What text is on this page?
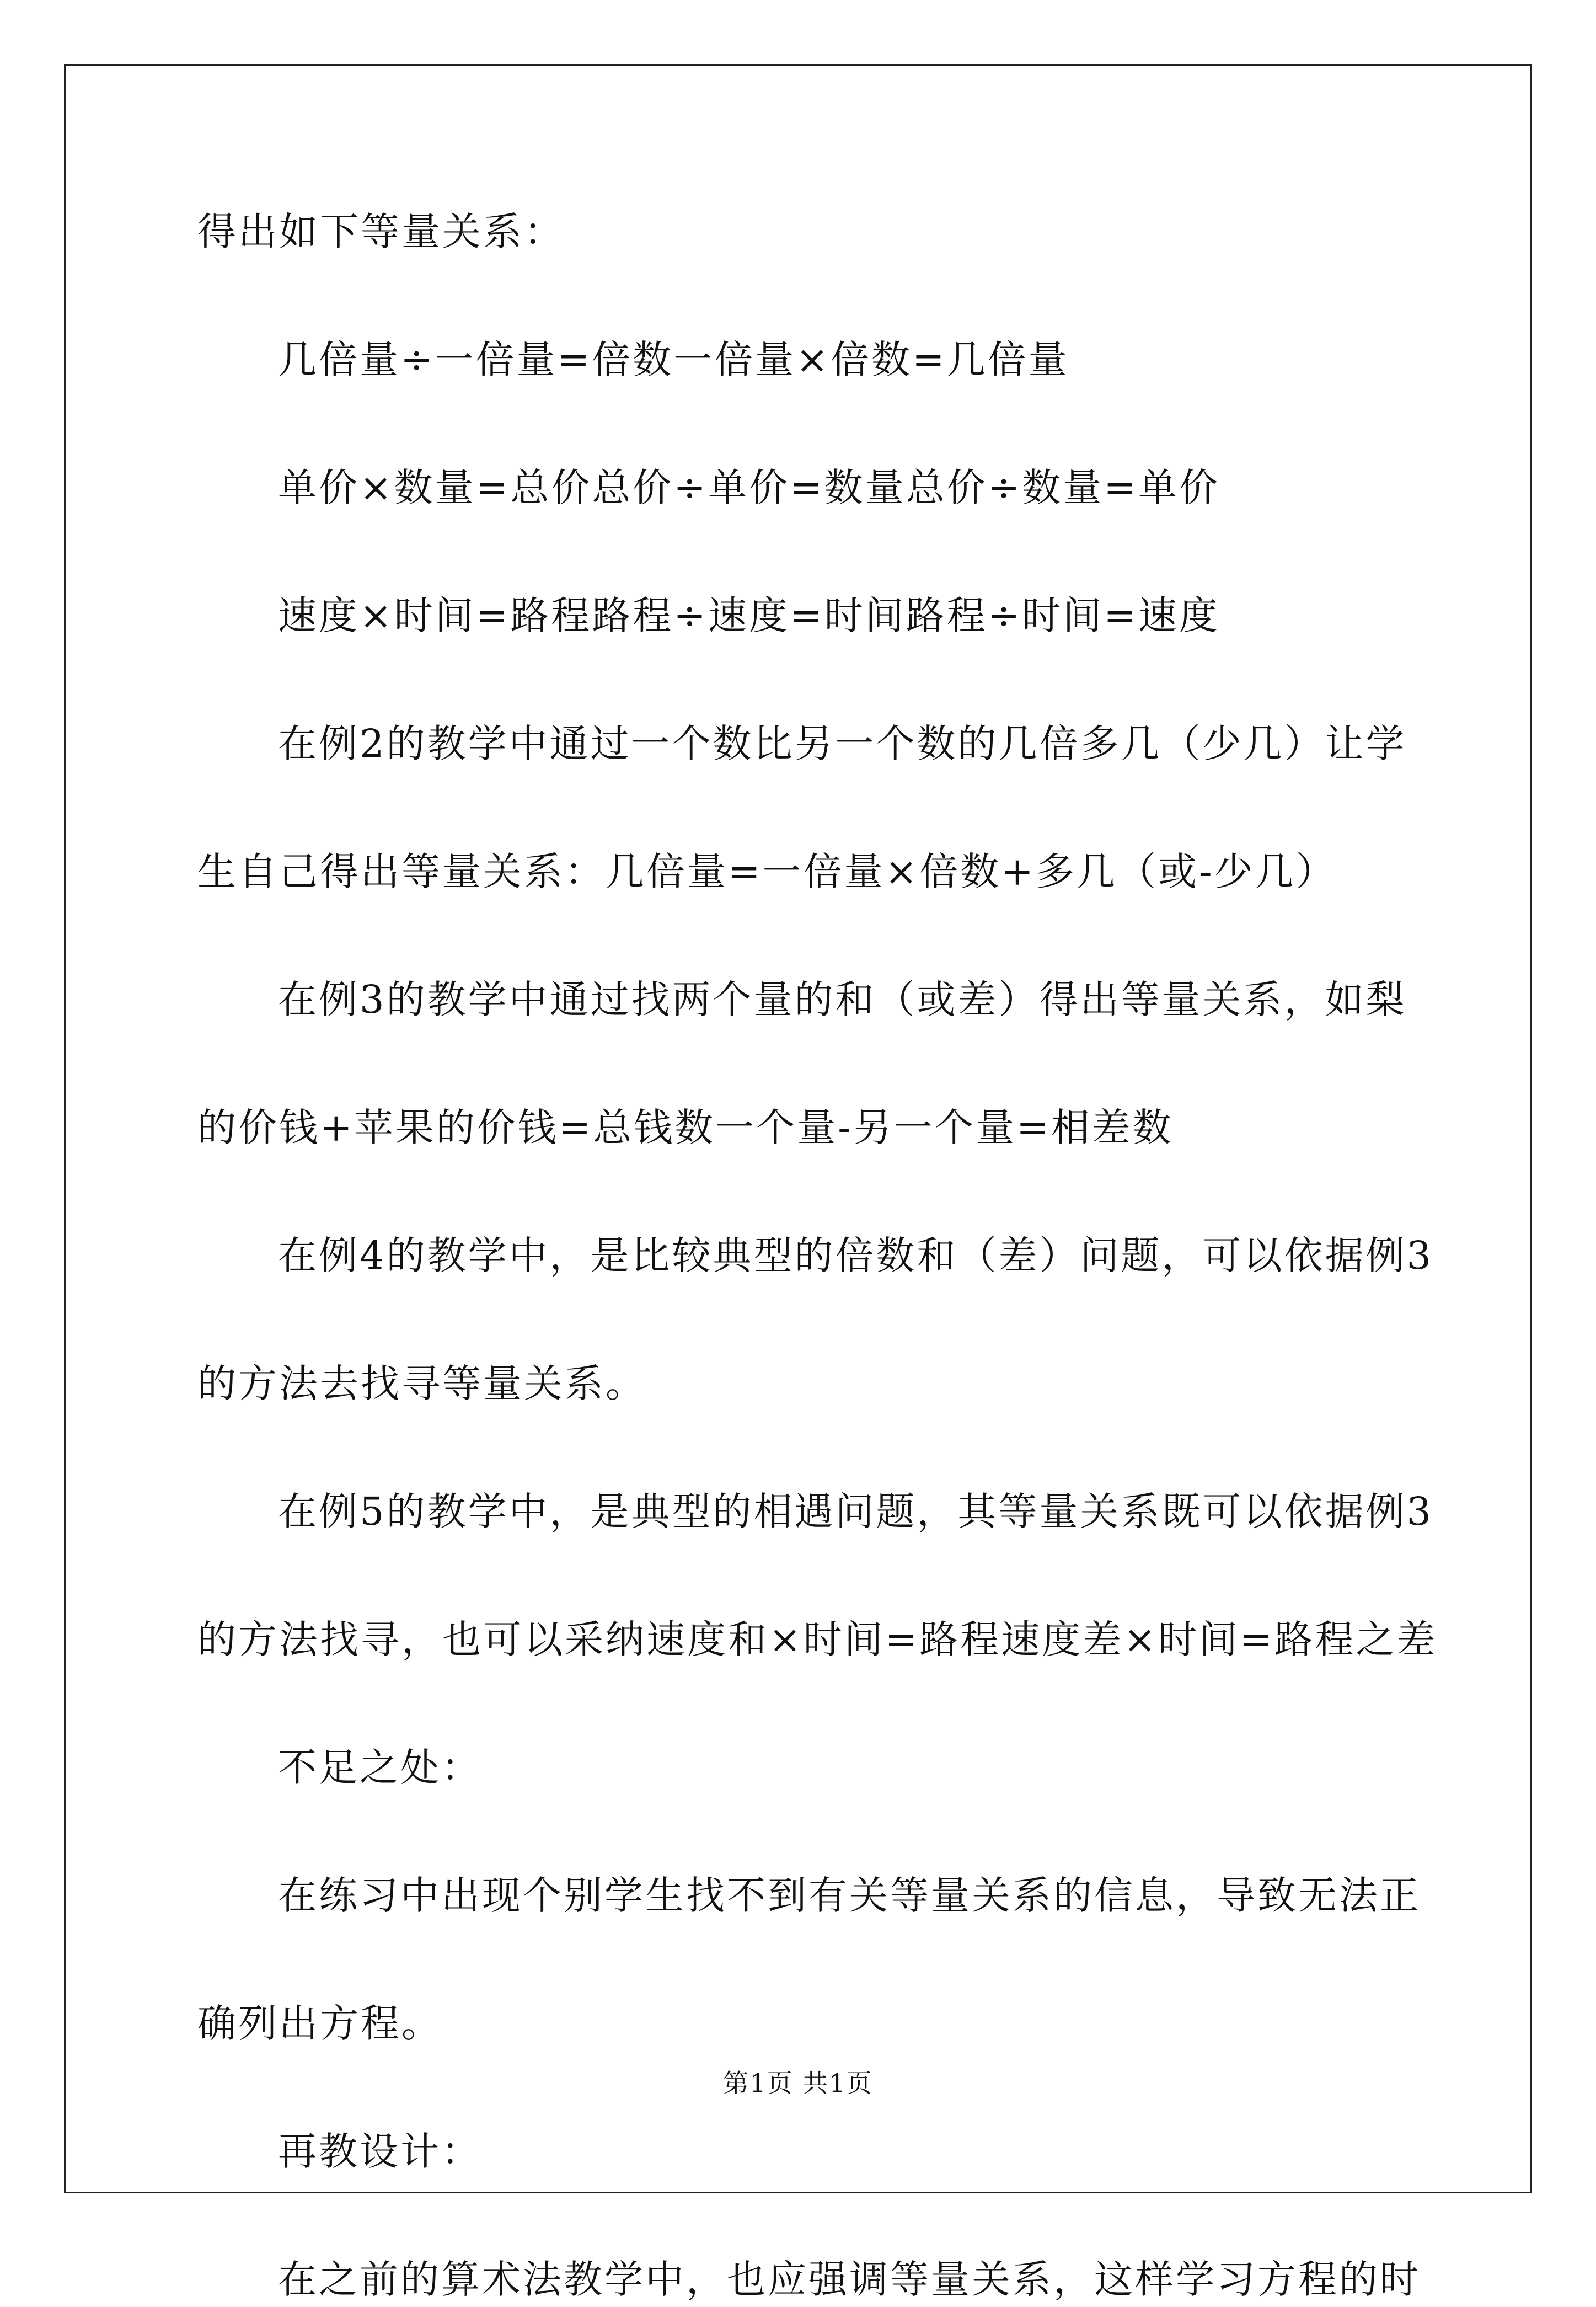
得出如下等量关系：
几倍量÷一倍量=倍数一倍量×倍数=几倍量
单价×数量=总价总价÷单价=数量总价÷数量=单价
速度×时间=路程路程÷速度=时间路程÷时间=速度
在例2的教学中通过一个数比另一个数的几倍多几（少几）让学
生自己得出等量关系：几倍量=一倍量×倍数+多几（或-少几）
在例3的教学中通过找两个量的和（或差）得出等量关系，如梨
的价钱+苹果的价钱=总钱数一个量-另一个量=相差数
在例4的教学中，是比较典型的倍数和（差）问题，可以依据例3
的方法去找寻等量关系。
在例5的教学中，是典型的相遇问题，其等量关系既可以依据例3
的方法找寻，也可以采纳速度和×时间=路程速度差×时间=路程之差
不足之处：
在练习中出现个别学生找不到有关等量关系的信息，导致无法正
确列出方程。
再教设计：
在之前的算术法教学中，也应强调等量关系，这样学习方程的时
第1页 共1页
